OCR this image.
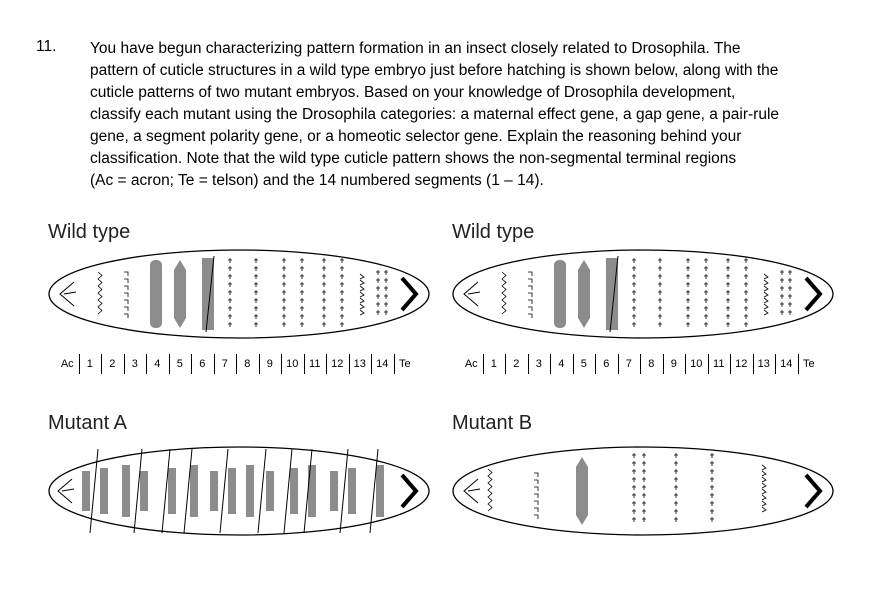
11. You have begun characterizing pattern formation in an insect closely related to Drosophila. The

pattern of cuticle structures in a wild type embryo just before hatching is shown below, along with the

cuticle patterns of two mutant embryos. Based on your knowledge of Drosophila development,

classify each mutant using the Drosophila categories: a maternal effect gene, a gap gene, a pair-rule

gene, a segment polarity gene, or a homeotic selector gene. Explain the reasoning behind your

classification. Note that the wild type cuticle pattern shows the non-segmental terminal regions

(Ac = acron; Te = telson) and the 14 numbered segments (1 – 14).

Wild type	Wild type
Mutant A	Mutant B
Ac 1 2 3 4 5 6 7 8 9 10 11 12 13 14 Te	Ac 1 2 3 4 5 6 7 8 9 10 11 12 13 14 Te
